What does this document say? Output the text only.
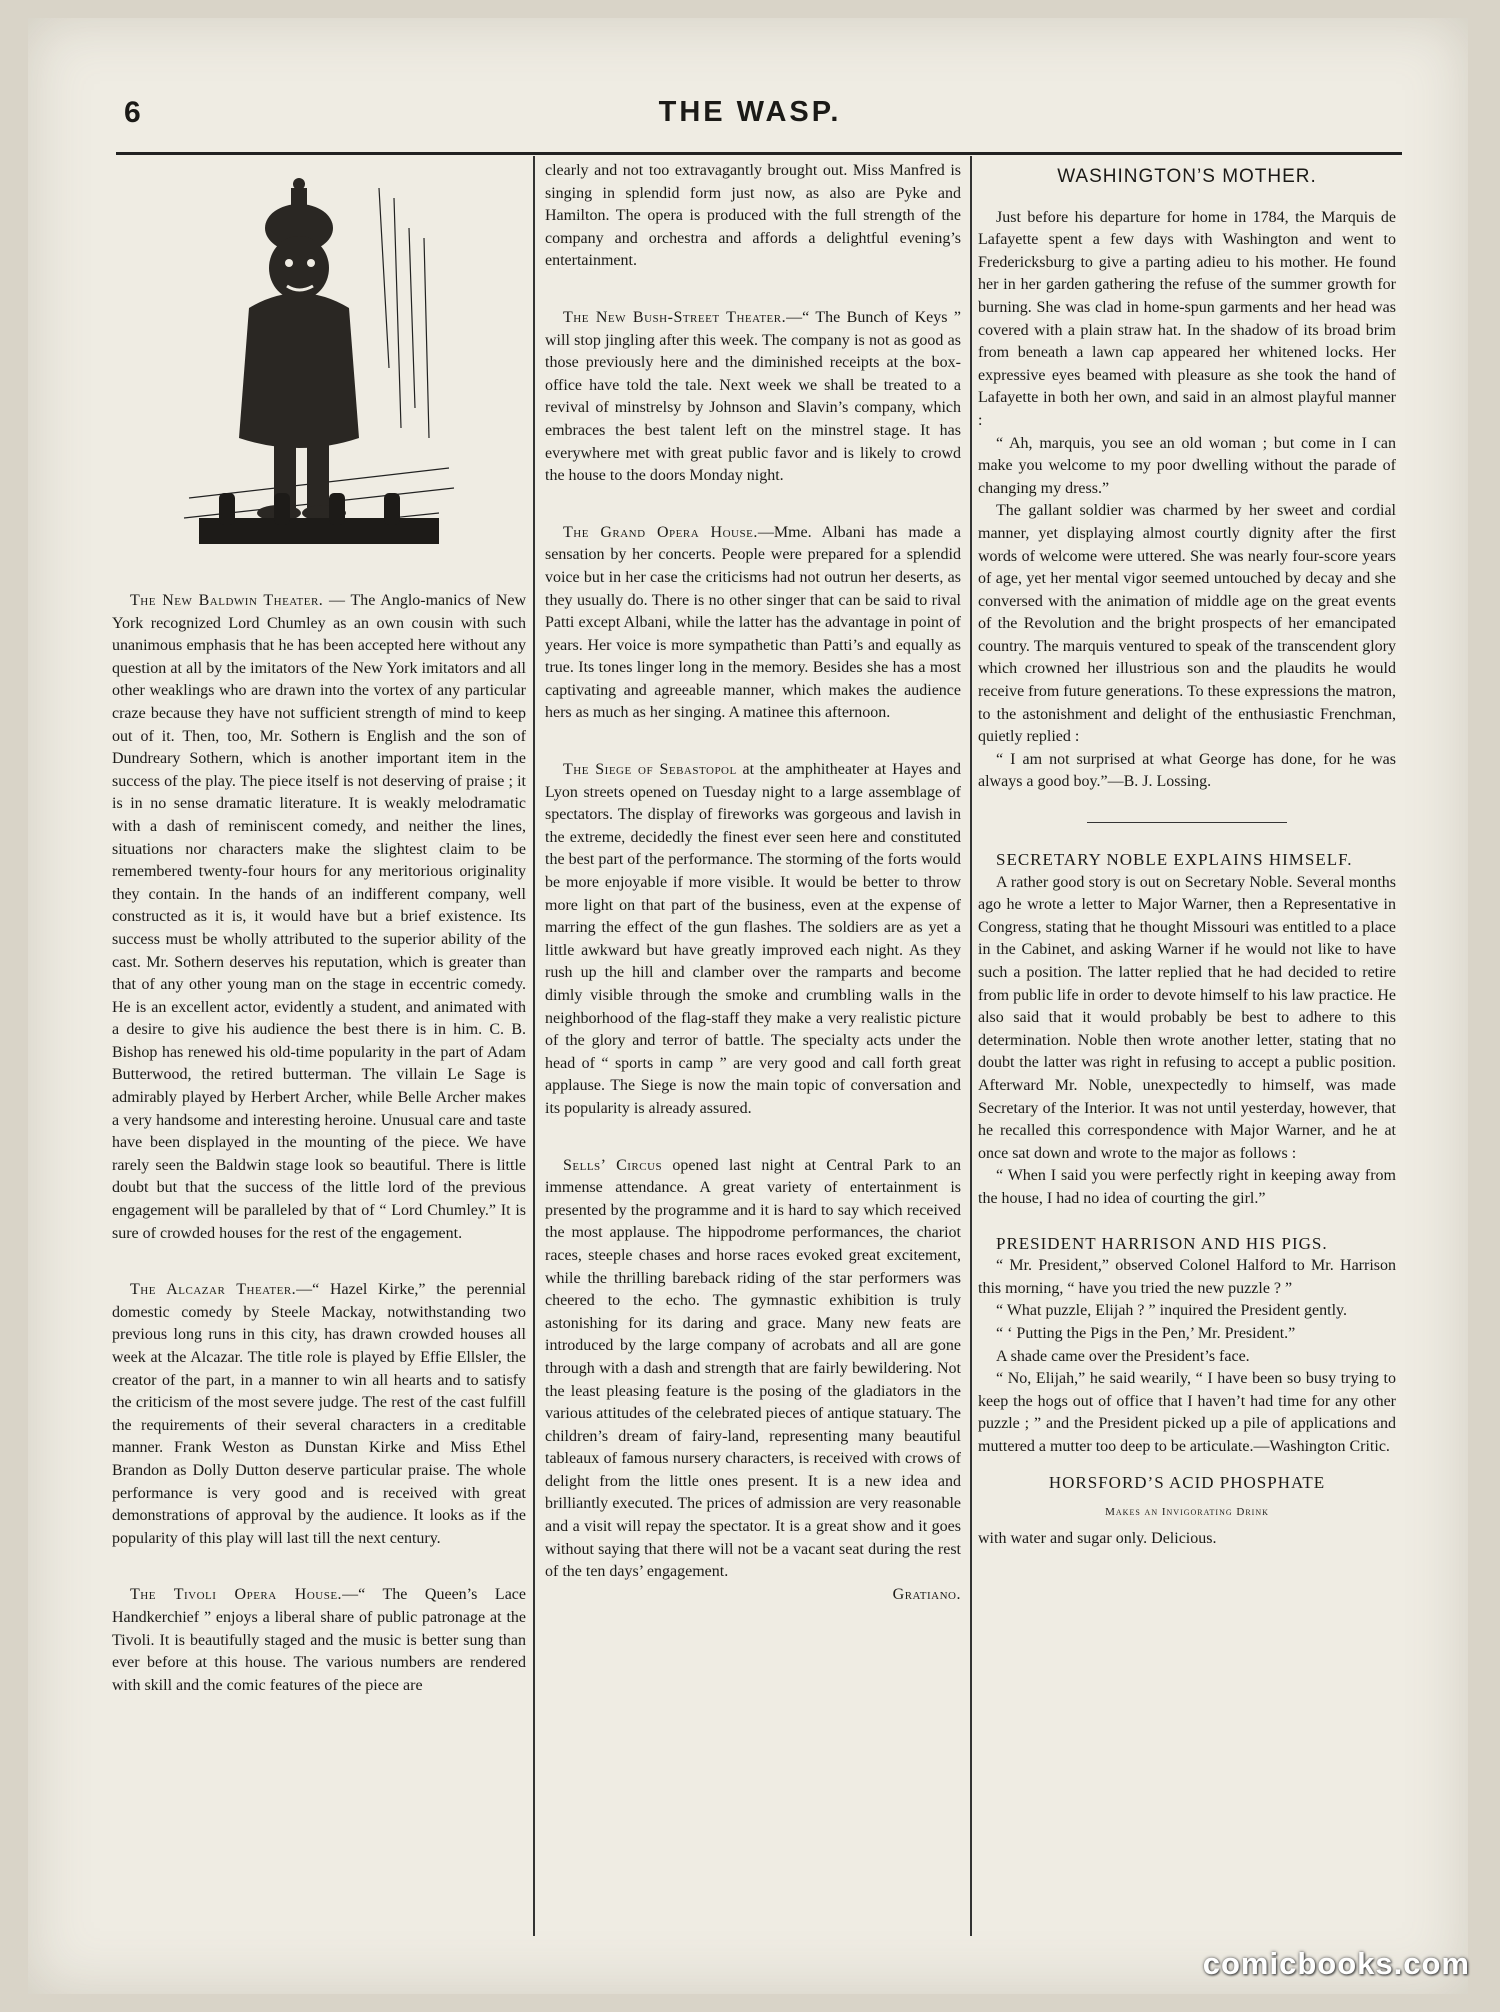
6	THE WASP.

The New Baldwin Theater. — The Anglo-manics of New York recognized Lord Chumley as an own cousin with such unanimous emphasis that he has been accepted here without any question at all by the imitators of the New York imitators and all other weaklings who are drawn into the vortex of any particular craze because they have not sufficient strength of mind to keep out of it. Then, too, Mr. Sothern is English and the son of Dundreary Sothern, which is another important item in the success of the play. The piece itself is not deserving of praise ; it is in no sense dramatic literature. It is weakly melodramatic with a dash of reminiscent comedy, and neither the lines, situations nor characters make the slightest claim to be remembered twenty-four hours for any meritorious originality they contain. In the hands of an indifferent company, well constructed as it is, it would have but a brief existence. Its success must be wholly attributed to the superior ability of the cast. Mr. Sothern deserves his reputation, which is greater than that of any other young man on the stage in eccentric comedy. He is an excellent actor, evidently a student, and animated with a desire to give his audience the best there is in him. C. B. Bishop has renewed his old-time popularity in the part of Adam Butterwood, the retired butterman. The villain Le Sage is admirably played by Herbert Archer, while Belle Archer makes a very handsome and interesting heroine. Unusual care and taste have been displayed in the mounting of the piece. We have rarely seen the Baldwin stage look so beautiful. There is little doubt but that the success of the little lord of the previous engagement will be paralleled by that of “ Lord Chumley.” It is sure of crowded houses for the rest of the engagement.

The Alcazar Theater.—“ Hazel Kirke,” the perennial domestic comedy by Steele Mackay, notwithstanding two previous long runs in this city, has drawn crowded houses all week at the Alcazar. The title role is played by Effie Ellsler, the creator of the part, in a manner to win all hearts and to satisfy the criticism of the most severe judge. The rest of the cast fulfill the requirements of their several characters in a creditable manner. Frank Weston as Dunstan Kirke and Miss Ethel Brandon as Dolly Dutton deserve particular praise. The whole performance is very good and is received with great demonstrations of approval by the audience. It looks as if the popularity of this play will last till the next century.

The Tivoli Opera House.—“ The Queen’s Lace Handkerchief ” enjoys a liberal share of public patronage at the Tivoli. It is beautifully staged and the music is better sung than ever before at this house. The various numbers are rendered with skill and the comic features of the piece are

clearly and not too extravagantly brought out. Miss Manfred is singing in splendid form just now, as also are Pyke and Hamilton. The opera is produced with the full strength of the company and orchestra and affords a delightful evening’s entertainment.

The New Bush-Street Theater.—“ The Bunch of Keys ” will stop jingling after this week. The company is not as good as those previously here and the diminished receipts at the box-office have told the tale. Next week we shall be treated to a revival of minstrelsy by Johnson and Slavin’s company, which embraces the best talent left on the minstrel stage. It has everywhere met with great public favor and is likely to crowd the house to the doors Monday night.

The Grand Opera House.—Mme. Albani has made a sensation by her concerts. People were prepared for a splendid voice but in her case the criticisms had not outrun her deserts, as they usually do. There is no other singer that can be said to rival Patti except Albani, while the latter has the advantage in point of years. Her voice is more sympathetic than Patti’s and equally as true. Its tones linger long in the memory. Besides she has a most captivating and agreeable manner, which makes the audience hers as much as her singing. A matinee this afternoon.

The Siege of Sebastopol at the amphitheater at Hayes and Lyon streets opened on Tuesday night to a large assemblage of spectators. The display of fireworks was gorgeous and lavish in the extreme, decidedly the finest ever seen here and constituted the best part of the performance. The storming of the forts would be more enjoyable if more visible. It would be better to throw more light on that part of the business, even at the expense of marring the effect of the gun flashes. The soldiers are as yet a little awkward but have greatly improved each night. As they rush up the hill and clamber over the ramparts and become dimly visible through the smoke and crumbling walls in the neighborhood of the flag-staff they make a very realistic picture of the glory and terror of battle. The specialty acts under the head of “ sports in camp ” are very good and call forth great applause. The Siege is now the main topic of conversation and its popularity is already assured.

Sells’ Circus opened last night at Central Park to an immense attendance. A great variety of entertainment is presented by the programme and it is hard to say which received the most applause. The hippodrome performances, the chariot races, steeple chases and horse races evoked great excitement, while the thrilling bareback riding of the star performers was cheered to the echo. The gymnastic exhibition is truly astonishing for its daring and grace. Many new feats are introduced by the large company of acrobats and all are gone through with a dash and strength that are fairly bewildering. Not the least pleasing feature is the posing of the gladiators in the various attitudes of the celebrated pieces of antique statuary. The children’s dream of fairy-land, representing many beautiful tableaux of famous nursery characters, is received with crows of delight from the little ones present. It is a new idea and brilliantly executed. The prices of admission are very reasonable and a visit will repay the spectator. It is a great show and it goes without saying that there will not be a vacant seat during the rest of the ten days’ engagement.

Gratiano.

WASHINGTON’S MOTHER.

Just before his departure for home in 1784, the Marquis de Lafayette spent a few days with Washington and went to Fredericksburg to give a parting adieu to his mother. He found her in her garden gathering the refuse of the summer growth for burning. She was clad in home-spun garments and her head was covered with a plain straw hat. In the shadow of its broad brim from beneath a lawn cap appeared her whitened locks. Her expressive eyes beamed with pleasure as she took the hand of Lafayette in both her own, and said in an almost playful manner :

“ Ah, marquis, you see an old woman ; but come in I can make you welcome to my poor dwelling without the parade of changing my dress.”

The gallant soldier was charmed by her sweet and cordial manner, yet displaying almost courtly dignity after the first words of welcome were uttered. She was nearly four-score years of age, yet her mental vigor seemed untouched by decay and she conversed with the animation of middle age on the great events of the Revolution and the bright prospects of her emancipated country. The marquis ventured to speak of the transcendent glory which crowned her illustrious son and the plaudits he would receive from future generations. To these expressions the matron, to the astonishment and delight of the enthusiastic Frenchman, quietly replied :

“ I am not surprised at what George has done, for he was always a good boy.”—B. J. Lossing.

SECRETARY NOBLE EXPLAINS HIMSELF.

A rather good story is out on Secretary Noble. Several months ago he wrote a letter to Major Warner, then a Representative in Congress, stating that he thought Missouri was entitled to a place in the Cabinet, and asking Warner if he would not like to have such a position. The latter replied that he had decided to retire from public life in order to devote himself to his law practice. He also said that it would probably be best to adhere to this determination. Noble then wrote another letter, stating that no doubt the latter was right in refusing to accept a public position. Afterward Mr. Noble, unexpectedly to himself, was made Secretary of the Interior. It was not until yesterday, however, that he recalled this correspondence with Major Warner, and he at once sat down and wrote to the major as follows :

“ When I said you were perfectly right in keeping away from the house, I had no idea of courting the girl.”

PRESIDENT HARRISON AND HIS PIGS.

“ Mr. President,” observed Colonel Halford to Mr. Harrison this morning, “ have you tried the new puzzle ? ”

“ What puzzle, Elijah ? ” inquired the President gently.

“ ‘ Putting the Pigs in the Pen,’ Mr. President.”

A shade came over the President’s face.

“ No, Elijah,” he said wearily, “ I have been so busy trying to keep the hogs out of office that I haven’t had time for any other puzzle ; ” and the President picked up a pile of applications and muttered a mutter too deep to be articulate.—Washington Critic.

HORSFORD’S ACID PHOSPHATE
Makes an Invigorating Drink

with water and sugar only. Delicious.

comicbooks.com
